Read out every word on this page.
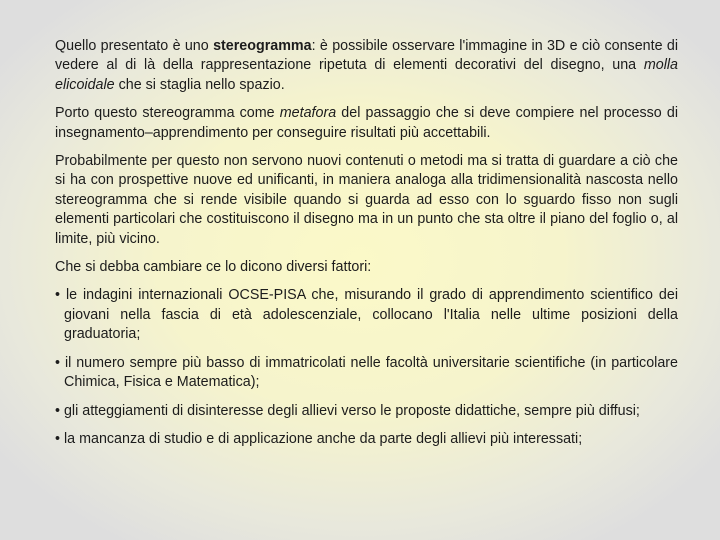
Quello presentato è uno stereogramma: è possibile osservare l'immagine in 3D e ciò consente di vedere al di là della rappresentazione ripetuta di elementi decorativi del disegno, una molla elicoidale che si staglia nello spazio.

Porto questo stereogramma come metafora del passaggio che si deve compiere nel processo di insegnamento–apprendimento per conseguire risultati più accettabili.

Probabilmente per questo non servono nuovi contenuti o metodi ma si tratta di guardare a ciò che si ha con prospettive nuove ed unificanti, in maniera analoga alla tridimensionalità nascosta nello stereogramma che si rende visibile quando si guarda ad esso con lo sguardo fisso non sugli elementi particolari che costituiscono il disegno ma in un punto che sta oltre il piano del foglio o, al limite, più vicino.

Che si debba cambiare ce lo dicono diversi fattori:

• le indagini internazionali OCSE-PISA che, misurando il grado di apprendimento scientifico dei giovani nella fascia di età adolescenziale, collocano l'Italia nelle ultime posizioni della graduatoria;

• il numero sempre più basso di immatricolati nelle facoltà universitarie scientifiche (in particolare Chimica, Fisica e Matematica);

• gli atteggiamenti di disinteresse degli allievi verso le proposte didattiche, sempre più diffusi;

• la mancanza di studio e di applicazione anche da parte degli allievi più interessati;
